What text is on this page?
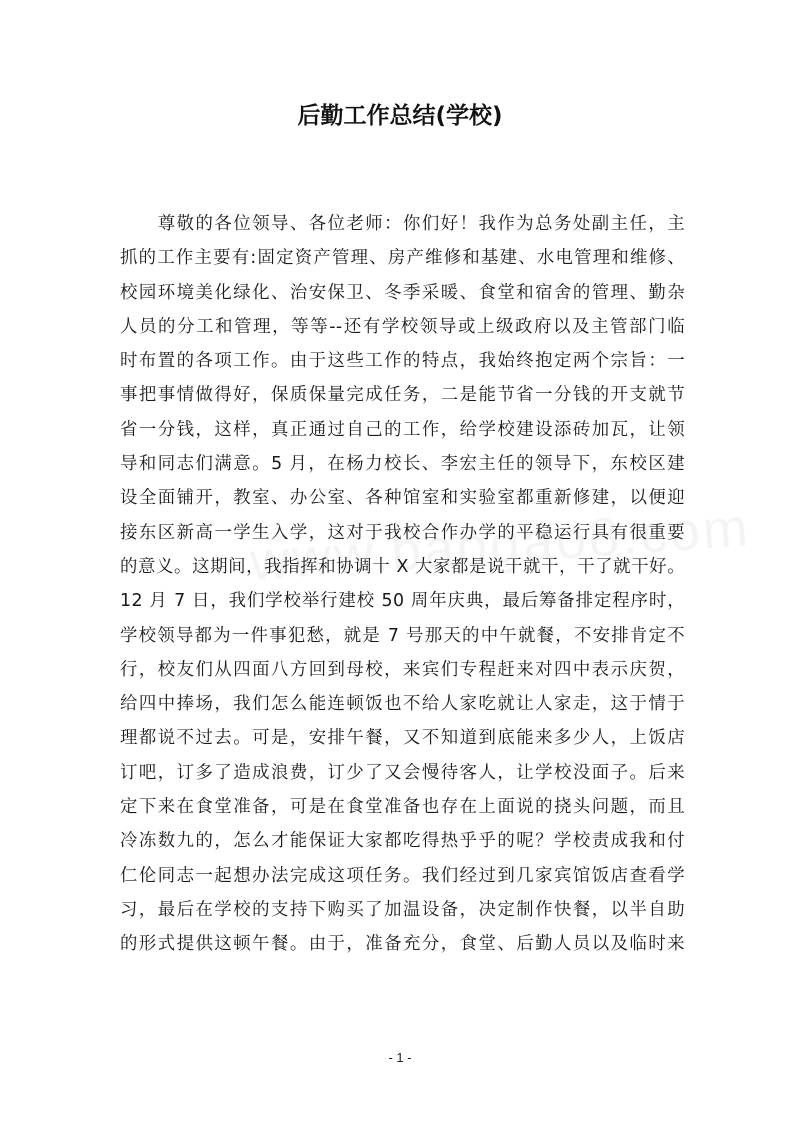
后勤工作总结(学校)
　　尊敬的各位领导、各位老师：你们好！我作为总务处副主任，主
抓的工作主要有:固定资产管理、房产维修和基建、水电管理和维修、
校园环境美化绿化、治安保卫、冬季采暖、食堂和宿舍的管理、勤杂
人员的分工和管理，等等--还有学校领导或上级政府以及主管部门临
时布置的各项工作。由于这些工作的特点，我始终抱定两个宗旨：一
事把事情做得好，保质保量完成任务，二是能节省一分钱的开支就节
省一分钱，这样，真正通过自己的工作，给学校建设添砖加瓦，让领
导和同志们满意。5 月，在杨力校长、李宏主任的领导下，东校区建
设全面铺开，教室、办公室、各种馆室和实验室都重新修建，以便迎
接东区新高一学生入学，这对于我校合作办学的平稳运行具有很重要
的意义。这期间，我指挥和协调十 X 大家都是说干就干，干了就干好。
12 月 7 日，我们学校举行建校 50 周年庆典，最后筹备排定程序时，
学校领导都为一件事犯愁，就是 7 号那天的中午就餐，不安排肯定不
行，校友们从四面八方回到母校，来宾们专程赶来对四中表示庆贺，
给四中捧场，我们怎么能连顿饭也不给人家吃就让人家走，这于情于
理都说不过去。可是，安排午餐，又不知道到底能来多少人，上饭店
订吧，订多了造成浪费，订少了又会慢待客人，让学校没面子。后来
定下来在食堂准备，可是在食堂准备也存在上面说的挠头问题，而且
冷冻数九的，怎么才能保证大家都吃得热乎乎的呢？学校责成我和付
仁伦同志一起想办法完成这项任务。我们经过到几家宾馆饭店查看学
习，最后在学校的支持下购买了加温设备，决定制作快餐，以半自助
的形式提供这顿午餐。由于，准备充分，食堂、后勤人员以及临时来
- 1 -
